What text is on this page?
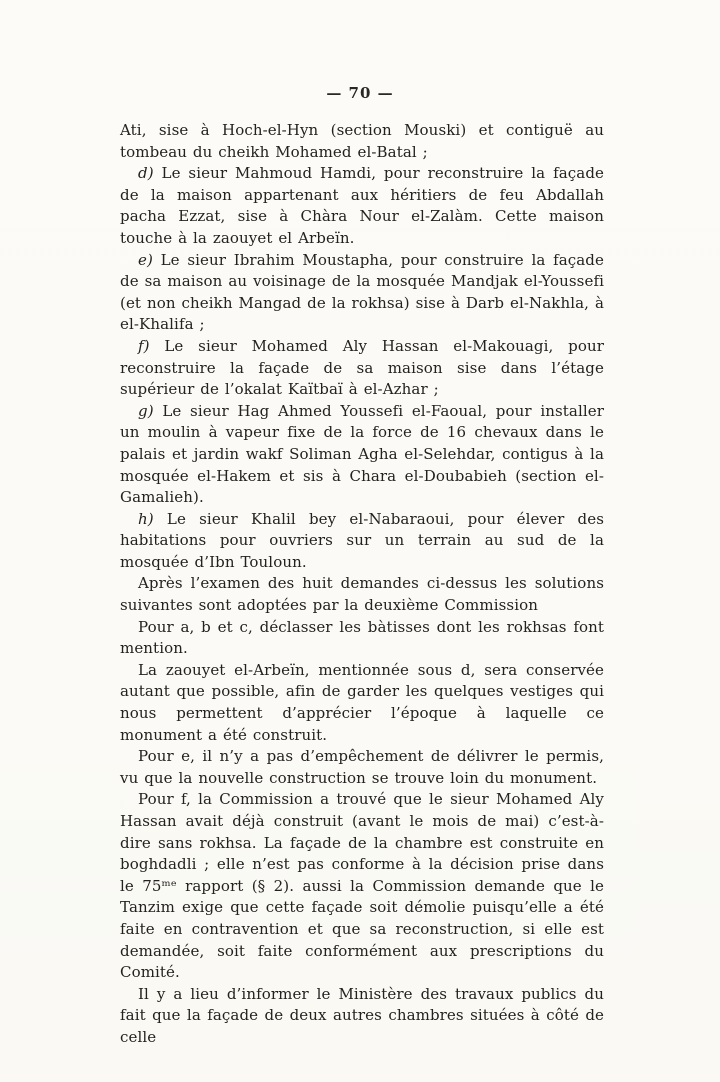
— 70 —

Ati, sise à Hoch-el-Hyn (section Mouski) et contiguë au tombeau du cheikh Mohamed el-Batal ;

d) Le sieur Mahmoud Hamdi, pour reconstruire la façade de la maison appartenant aux héritiers de feu Abdallah pacha Ezzat, sise à Chàra Nour el-Zalàm. Cette maison touche à la zaouyet el Arbeïn.

e) Le sieur Ibrahim Moustapha, pour construire la façade de sa maison au voisinage de la mosquée Mandjak el-Youssefi (et non cheikh Mangad de la rokhsa) sise à Darb el-Nakhla, à el-Khalifa ;

f) Le sieur Mohamed Aly Hassan el-Makouagi, pour reconstruire la façade de sa maison sise dans l’étage supérieur de l’okalat Kaïtbaï à el-Azhar ;

g) Le sieur Hag Ahmed Youssefi el-Faoual, pour installer un moulin à vapeur fixe de la force de 16 chevaux dans le palais et jardin wakf Soliman Agha el-Selehdar, contigus à la mosquée el-Hakem et sis à Chara el-Doubabieh (section el-Gamalieh).

h) Le sieur Khalil bey el-Nabaraoui, pour élever des habitations pour ouvriers sur un terrain au sud de la mosquée d’Ibn Touloun.

Après l’examen des huit demandes ci-dessus les solutions suivantes sont adoptées par la deuxième Commission

Pour a, b et c, déclasser les bàtisses dont les rokhsas font mention.

La zaouyet el-Arbeïn, mentionnée sous d, sera conservée autant que possible, afin de garder les quelques vestiges qui nous permettent d’apprécier l’époque à laquelle ce monument a été construit.

Pour e, il n’y a pas d’empêchement de délivrer le permis, vu que la nouvelle construction se trouve loin du monument.

Pour f, la Commission a trouvé que le sieur Mohamed Aly Hassan avait déjà construit (avant le mois de mai) c’est-à-dire sans rokhsa. La façade de la chambre est construite en boghdadli ; elle n’est pas conforme à la décision prise dans le 75ᵐᵉ rapport (§ 2). aussi la Commission demande que le Tanzim exige que cette façade soit démolie puisqu’elle a été faite en contravention et que sa reconstruction, si elle est demandée, soit faite conformément aux prescriptions du Comité.

Il y a lieu d’informer le Ministère des travaux publics du fait que la façade de deux autres chambres situées à côté de celle
